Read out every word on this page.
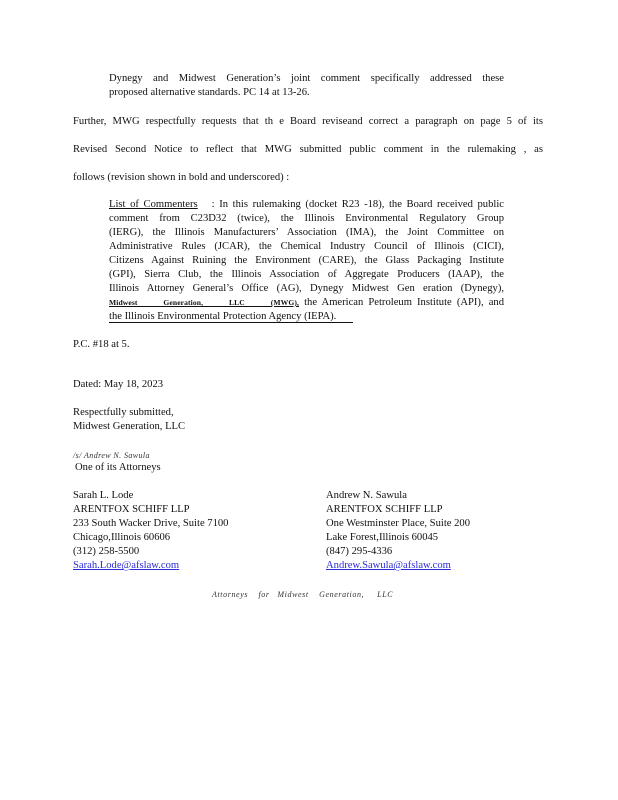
Dynegy and Midwest Generation’s joint comment specifically addressed these
proposed alternative standards. PC 14 at 13-26.
Further, MWG respectfully requests that th e Board reviseand correct a paragraph on page 5 of its
Revised Second Notice to reflect that MWG submitted public comment in the rulemaking , as
follows (revision shown in bold and underscored) :
List of Commenters : In this rulemaking (docket R23 -18), the Board received public
comment from C23D32 (twice), the Illinois Environmental Regulatory Group
(IERG), the Illinois Manufacturers’ Association (IMA), the Joint Committee on
Administrative Rules (JCAR), the Chemical Industry Council of Illinois (CICI),
Citizens Against Ruining the Environment (CARE), the Glass Packaging Institute
(GPI), Sierra Club, the Illinois Association of Aggregate Producers (IAAP), the
Illinois Attorney General’s Office (AG), Dynegy Midwest Gen eration (Dynegy),
Midwest Generation, LLC (MWG), the American Petroleum Institute (API), and
the Illinois Environmental Protection Agency (IEPA).
P.C. #18 at 5.
Dated: May 18, 2023
Respectfully submitted,
Midwest Generation, LLC
/s/ Andrew N. Sawula
One of its Attorneys
Sarah L. Lode
ARENTFOX SCHIFF LLP
233 South Wacker Drive, Suite 7100
Chicago,Illinois 60606
(312) 258-5500
Sarah.Lode@afslaw.com
Andrew N. Sawula
ARENTFOX SCHIFF LLP
One Westminster Place, Suite 200
Lake Forest,Illinois 60045
(847) 295-4336
Andrew.Sawula@afslaw.com
Attorneys    for   Midwest    Generation,     LLC
